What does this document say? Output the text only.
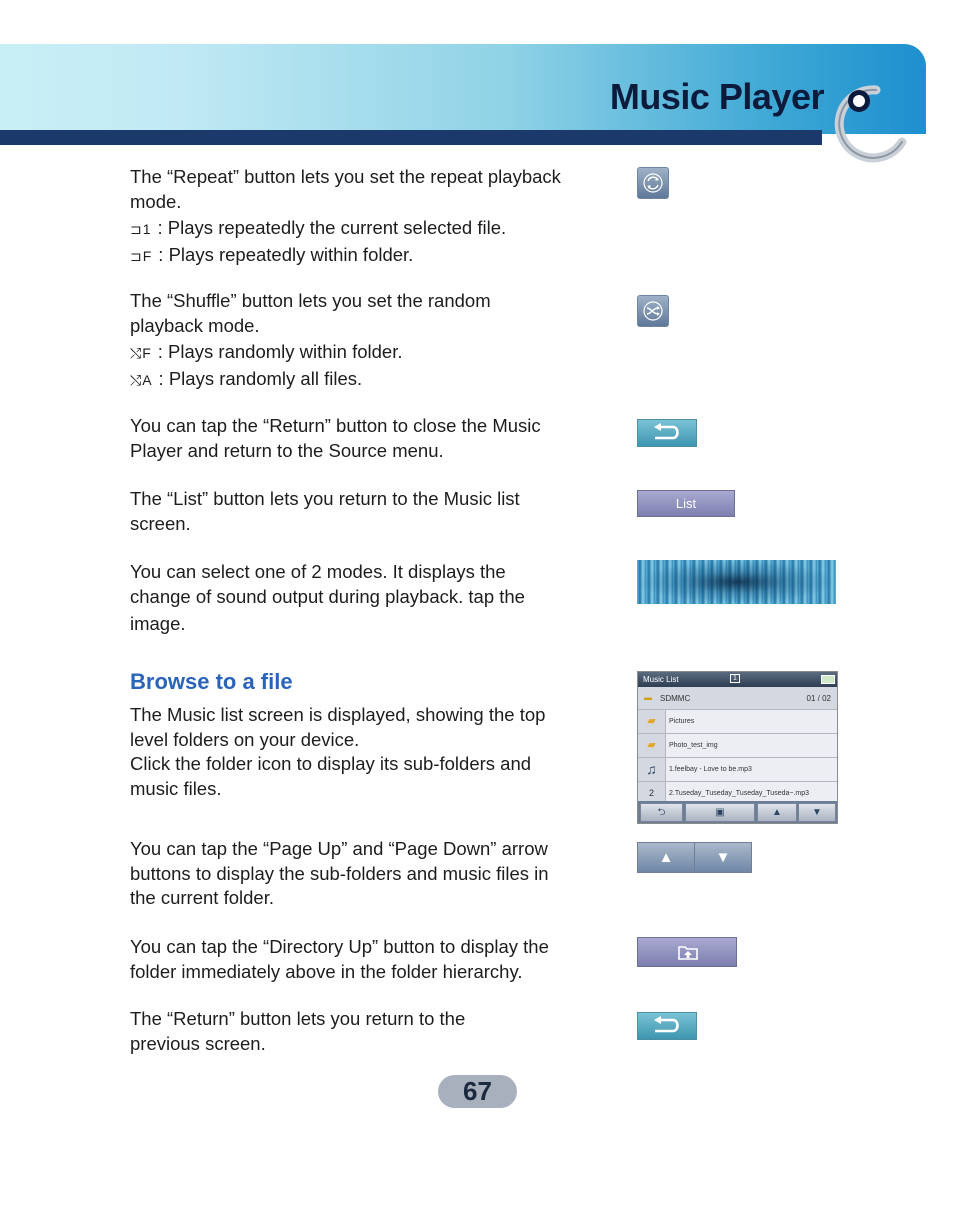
Music Player

The “Repeat” button lets you set the repeat playback

mode.

⊐1 : Plays repeatedly the current selected file.

⊐F : Plays repeatedly within folder.

The “Shuffle” button lets you set the random

playback mode.

⤭F : Plays randomly within folder.

⤭A : Plays randomly all files.

You can tap the “Return” button to close the Music

Player and return to the Source menu.

The “List” button lets you return to the Music list

screen.

List

You can select one of 2 modes. It displays the

change of sound output during playback. tap the

image.

Browse to a file

The Music list screen is displayed, showing the top

level folders on your device.

Click the folder icon to display its sub-folders and

music files.

Music List	1
▬ SDMMC	01 / 02
▰	Pictures
▰	Photo_test_img
♫	1.feelbay - Love to be.mp3
2	2.Tuseday_Tuseday_Tuseday_Tuseda~.mp3
⮌	▣	▲	▼

You can tap the “Page Up” and “Page Down” arrow

buttons to display the sub-folders and music files in

the current folder.

▲	▼

You can tap the “Directory Up” button to display the

folder immediately above in the folder hierarchy.

The “Return” button lets you return to the

previous screen.

67
